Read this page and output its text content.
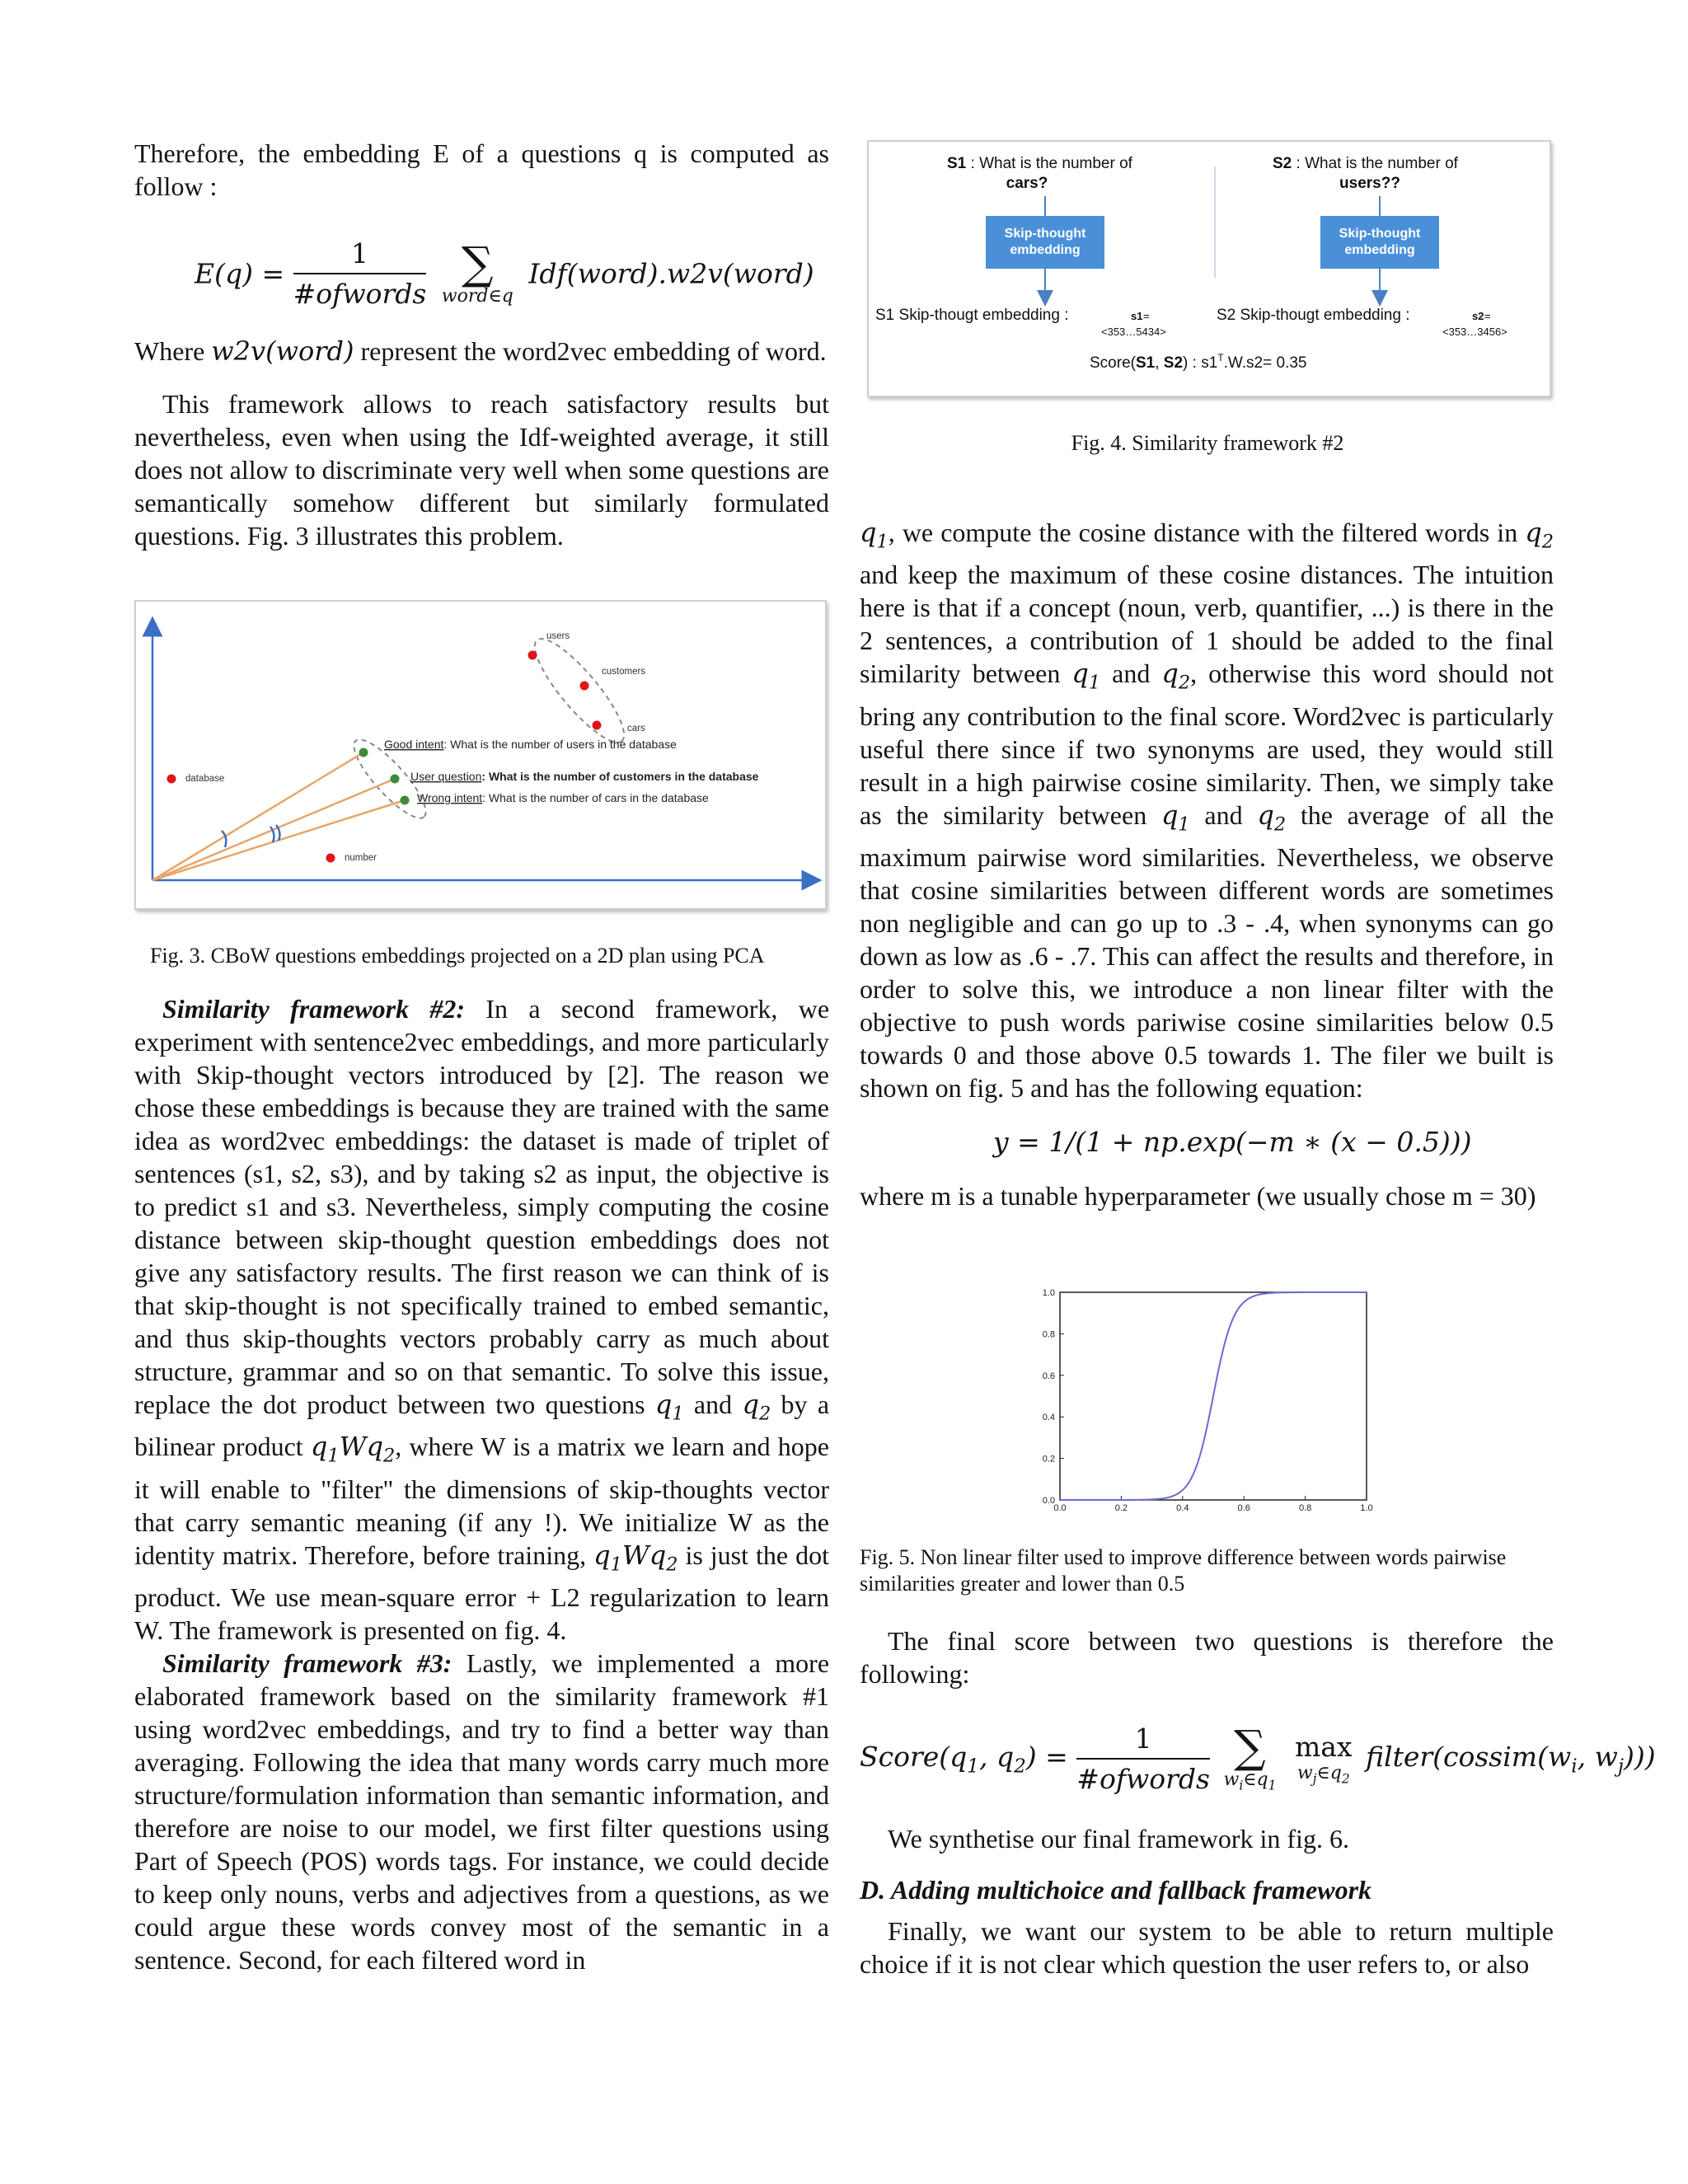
Therefore, the embedding E of a questions q is computed as follow :

$E(q) = \frac{1}{\text{\#ofwords}}$
∑
word∈q
Idf(word).w2v(word)

Where w2v(word) represent the word2vec embedding of word.

This framework allows to reach satisfactory results but nevertheless, even when using the Idf-weighted average, it still does not allow to discriminate very well when some questions are semantically somehow different but similarly formulated questions. Fig. 3 illustrates this problem.

users
customers
cars
database
number
Good intent: What is the number of users in the database
User question: What is the number of customers in the database
Wrong intent: What is the number of cars in the database
Fig. 3. CBoW questions embeddings projected on a 2D plan using PCA

Similarity framework #2: In a second framework, we experiment with sentence2vec embeddings, and more particularly with Skip-thought vectors introduced by [2]. The reason we chose these embeddings is because they are trained with the same idea as word2vec embeddings: the dataset is made of triplet of sentences (s1, s2, s3), and by taking s2 as input, the objective is to predict s1 and s3. Nevertheless, simply computing the cosine distance between skip-thought question embeddings does not give any satisfactory results. The first reason we can think of is that skip-thought is not specifically trained to embed semantic, and thus skip-thoughts vectors probably carry as much about structure, grammar and so on that semantic. To solve this issue, replace the dot product between two questions $q_1$ and $q_2$ by a bilinear product $q_1Wq_2$, where W is a matrix we learn and hope it will enable to "filter" the dimensions of skip-thoughts vector that carry semantic meaning (if any !). We initialize W as the identity matrix. Therefore, before training, $q_1Wq_2$ is just the dot product. We use mean-square error + L2 regularization to learn W. The framework is presented on fig. 4.

Similarity framework #3: Lastly, we implemented a more elaborated framework based on the similarity framework #1 using word2vec embeddings, and try to find a better way than averaging. Following the idea that many words carry much more structure/formulation information than semantic information, and therefore are noise to our model, we first filter questions using Part of Speech (POS) words tags. For instance, we could decide to keep only nouns, verbs and adjectives from a questions, as we could argue these words convey most of the semantic in a sentence. Second, for each filtered word in

S1 : What is the number of
cars?
S2 : What is the number of
users??
Skip-thought embedding
Skip-thought embedding
S1 Skip-thougt embedding :	s1 =
<353…5434>
S2 Skip-thougt embedding :	s2 =
<353…3456>
Score(S1, S2) : $s1^T.W.s2= 0.35$
Fig. 4. Similarity framework #2

$q_1$, we compute the cosine distance with the filtered words in $q_2$ and keep the maximum of these cosine distances. The intuition here is that if a concept (noun, verb, quantifier, ...) is there in the 2 sentences, a contribution of 1 should be added to the final similarity between $q_1$ and $q_2$, otherwise this word should not bring any contribution to the final score. Word2vec is particularly useful there since if two synonyms are used, they would still result in a high pairwise cosine similarity. Then, we simply take as the similarity between $q_1$ and $q_2$ the average of all the maximum pairwise word similarities. Nevertheless, we observe that cosine similarities between different words are sometimes non negligible and can go up to .3 - .4, when synonyms can go down as low as .6 - .7. This can affect the results and therefore, in order to solve this, we introduce a non linear filter with the objective to push words pariwise cosine similarities below 0.5 towards 0 and those above 0.5 towards 1. The filer we built is shown on fig. 5 and has the following equation:

y = 1/(1 + np.exp(−m ∗ (x − 0.5)))

where m is a tunable hyperparameter (we usually chose m = 30)

0.0	0.2	0.4	0.6	0.8	1.0
0.0
0.2
0.4
0.6
0.8
1.0
Fig. 5. Non linear filter used to improve difference between words pairwise similarities greater and lower than 0.5

The final score between two questions is therefore the following:

$Score(q_1$, $q_2) = \frac{1}{\text{\#ofwords}}$
∑
$w_i\in q_1$

max
$w_j\in q_2$
$filter(cossim(w_i$, $w_j$)))

We synthetise our final framework in fig. 6.

D. Adding multichoice and fallback framework

Finally, we want our system to be able to return multiple choice if it is not clear which question the user refers to, or also
